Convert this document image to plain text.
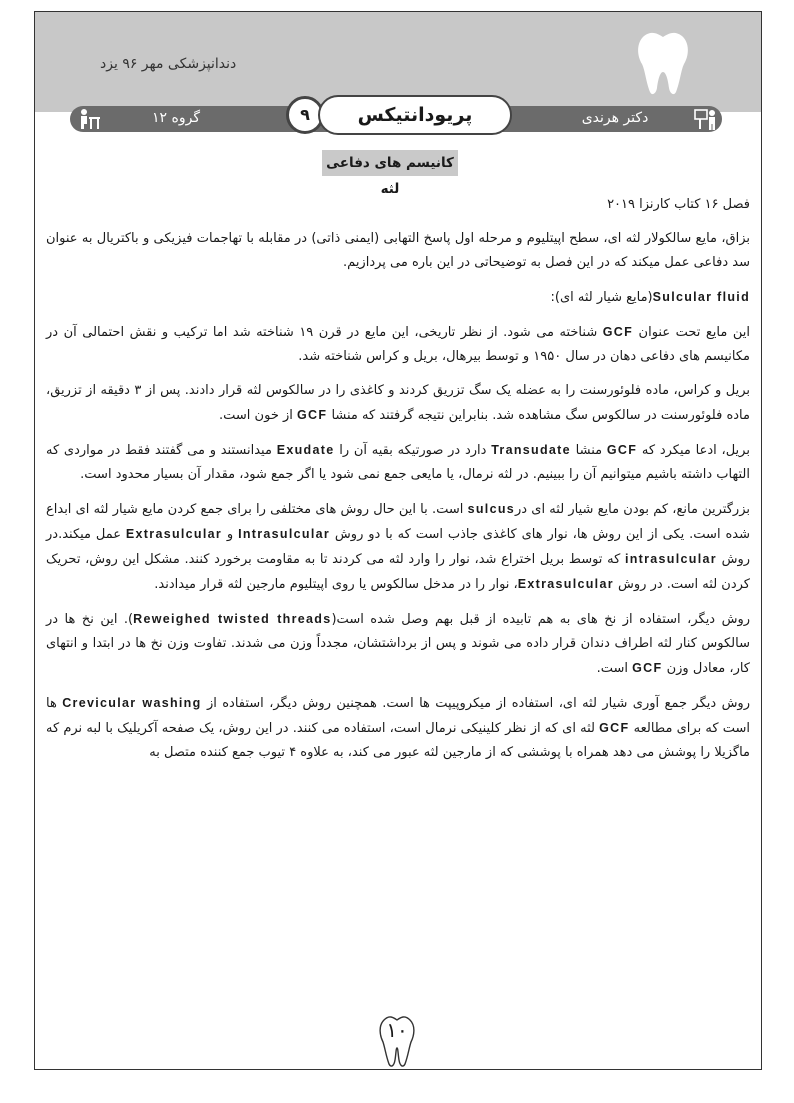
دندانپزشکی مهر ۹۶ یزد
گروه ۱۲	۹	پریودانتیکس	دکتر هرندی
کانیسم های دفاعی لثه

فصل ۱۶ کتاب کارنزا ۲۰۱۹

بزاق، مایع سالکولار لثه ای، سطح اپیتلیوم و مرحله اول پاسخ التهابی (ایمنی ذاتی) در مقابله با تهاجمات فیزیکی و باکتریال به عنوان سد دفاعی عمل میکند که در این فصل به توضیحاتی در این باره می پردازیم.

Sulcular fluid(مایع شیار لثه ای):

این مایع تحت عنوان GCF شناخته می شود. از نظر تاریخی، این مایع در قرن ۱۹ شناخته شد اما ترکیب و نقش احتمالی آن در مکانیسم های دفاعی دهان در سال ۱۹۵۰ و توسط بیرهال، بریل و کراس شناخته شد.

بریل و کراس، ماده فلوئورسنت را به عضله یک سگ تزریق کردند و کاغذی را در سالکوس لثه قرار دادند. پس از ۳ دقیقه از تزریق، ماده فلوئورسنت در سالکوس سگ مشاهده شد. بنابراین نتیجه گرفتند که منشا GCF از خون است.

بریل، ادعا میکرد که GCF منشا Transudate دارد در صورتیکه بقیه آن را Exudate میدانستند و می گفتند فقط در مواردی که التهاب داشته باشیم میتوانیم آن را ببینیم. در لثه نرمال، یا مایعی جمع نمی شود یا اگر جمع شود، مقدار آن بسیار محدود است.

بزرگترین مانع، کم بودن مایع شیار لثه ای درsulcus است. با این حال روش های مختلفی را برای جمع کردن مایع شیار لثه ای ابداع شده است. یکی از این روش ها، نوار های کاغذی جاذب است که با دو روش Intrasulcular و Extrasulcular عمل میکند.در روش intrasulcular که توسط بریل اختراع شد، نوار را وارد لثه می کردند تا به مقاومت برخورد کنند. مشکل این روش، تحریک کردن لثه است. در روش Extrasulcular، نوار را در مدخل سالکوس یا روی اپیتلیوم مارجین لثه قرار میدادند.

روش دیگر، استفاده از نخ های به هم تابیده از قبل بهم وصل شده است(Reweighed twisted threads). این نخ ها در سالکوس کنار لثه اطراف دندان قرار داده می شوند و پس از برداشتشان، مجدداً وزن می شدند. تفاوت وزن نخ ها در ابتدا و انتهای کار، معادل وزن GCF است.

روش دیگر جمع آوری شیار لثه ای، استفاده از میکروپیپت ها است. همچنین روش دیگر، استفاده از Crevicular washing ها است که برای مطالعه GCF لثه ای که از نظر کلینیکی نرمال است، استفاده می کنند. در این روش، یک صفحه آکریلیک با لبه نرم که ماگزیلا را پوشش می دهد همراه با پوششی که از مارجین لثه عبور می کند، به علاوه ۴ تیوب جمع کننده متصل به

۱۰
